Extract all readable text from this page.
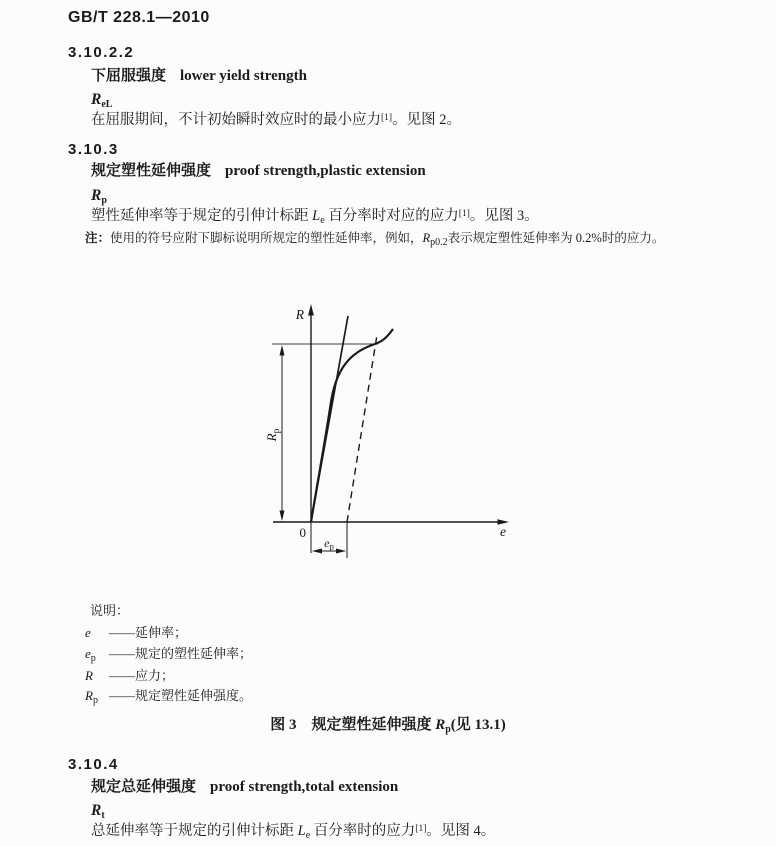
GB/T 228.1—2010
3.10.2.2
下屈服强度 lower yield strength
$R_{eL}$
在屈服期间，不计初始瞬时效应时的最小应力[1]。见图 2。
3.10.3
规定塑性延伸强度 proof strength,plastic extension
$R_p$
塑性延伸率等于规定的引伸计标距 $L_e$ 百分率时对应的应力[1]。见图 3。
注：使用的符号应附下脚标说明所规定的塑性延伸率，例如，$R_{p0.2}$表示规定塑性延伸率为 0.2%时的应力。
$R_p$
$e_p$
R
e
0
说明：
e ——延伸率；
$e_p$ ——规定的塑性延伸率；
R ——应力；
$R_p$ ——规定塑性延伸强度。
图 3　规定塑性延伸强度 $R_p$(见 13.1)
3.10.4
规定总延伸强度 proof strength,total extension
$R_t$
总延伸率等于规定的引伸计标距 $L_e$ 百分率时的应力[1]。见图 4。
